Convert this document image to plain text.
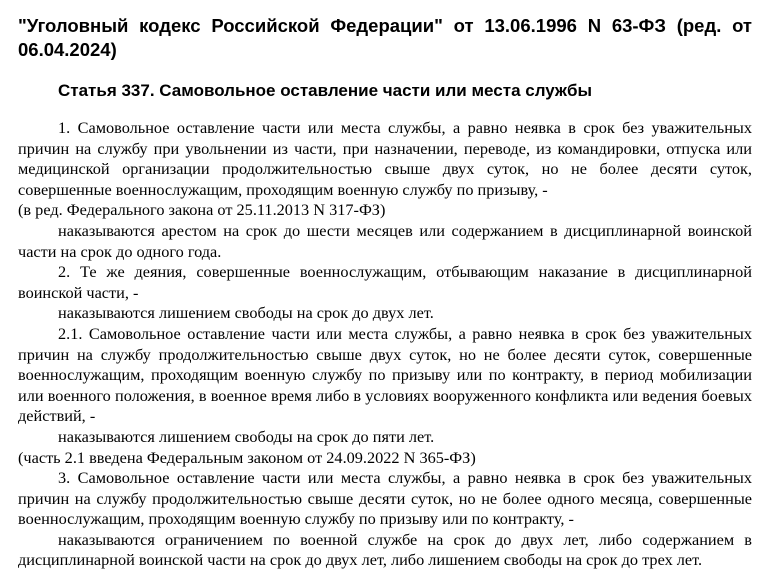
"Уголовный кодекс Российской Федерации" от 13.06.1996 N 63-ФЗ (ред. от 06.04.2024)
Статья 337. Самовольное оставление части или места службы

1. Самовольное оставление части или места службы, а равно неявка в срок без уважительных причин на службу при увольнении из части, при назначении, переводе, из командировки, отпуска или медицинской организации продолжительностью свыше двух суток, но не более десяти суток, совершенные военнослужащим, проходящим военную службу по призыву, -

(в ред. Федерального закона от 25.11.2013 N 317-ФЗ)

наказываются арестом на срок до шести месяцев или содержанием в дисциплинарной воинской части на срок до одного года.

2. Те же деяния, совершенные военнослужащим, отбывающим наказание в дисциплинарной воинской части, -

наказываются лишением свободы на срок до двух лет.

2.1. Самовольное оставление части или места службы, а равно неявка в срок без уважительных причин на службу продолжительностью свыше двух суток, но не более десяти суток, совершенные военнослужащим, проходящим военную службу по призыву или по контракту, в период мобилизации или военного положения, в военное время либо в условиях вооруженного конфликта или ведения боевых действий, -

наказываются лишением свободы на срок до пяти лет.

(часть 2.1 введена Федеральным законом от 24.09.2022 N 365-ФЗ)

3. Самовольное оставление части или места службы, а равно неявка в срок без уважительных причин на службу продолжительностью свыше десяти суток, но не более одного месяца, совершенные военнослужащим, проходящим военную службу по призыву или по контракту, -

наказываются ограничением по военной службе на срок до двух лет, либо содержанием в дисциплинарной воинской части на срок до двух лет, либо лишением свободы на срок до трех лет.
